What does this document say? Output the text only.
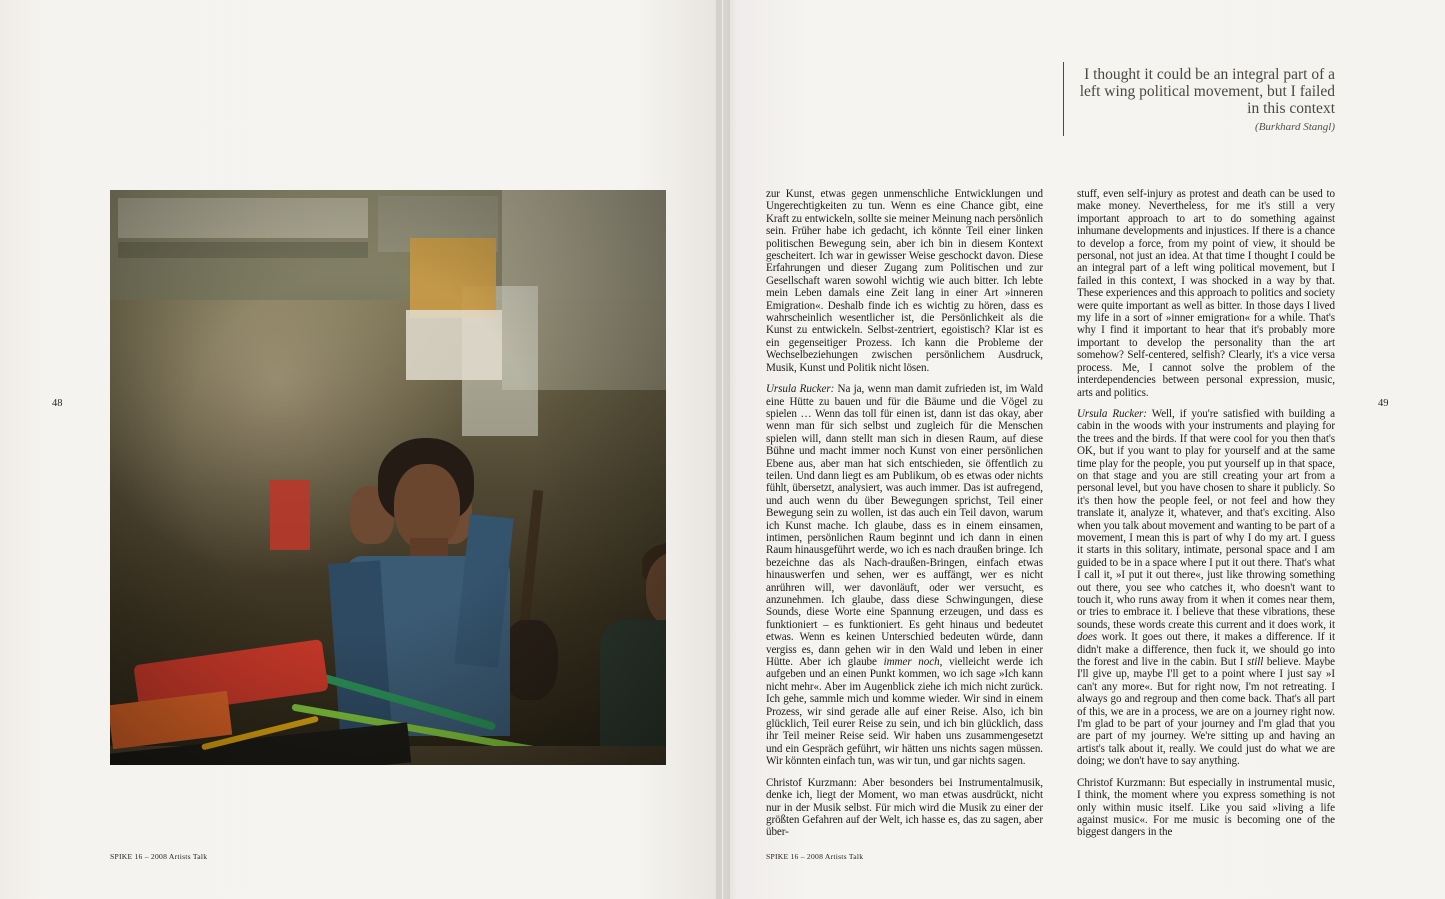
I thought it could be an integral part of a left wing political movement, but I failed in this context
(Burkhard Stangl)

zur Kunst, etwas gegen unmenschliche Entwicklungen und Ungerechtigkeiten zu tun. Wenn es eine Chance gibt, eine Kraft zu entwickeln, sollte sie meiner Meinung nach persönlich sein. Früher habe ich gedacht, ich könnte Teil einer linken politischen Bewegung sein, aber ich bin in diesem Kontext gescheitert. Ich war in gewisser Weise geschockt davon. Diese Erfahrungen und dieser Zugang zum Politischen und zur Gesellschaft waren sowohl wichtig wie auch bitter. Ich lebte mein Leben damals eine Zeit lang in einer Art »inneren Emigration«. Deshalb finde ich es wichtig zu hören, dass es wahrscheinlich wesentlicher ist, die Persönlichkeit als die Kunst zu entwickeln. Selbst-zentriert, egoistisch? Klar ist es ein gegenseitiger Prozess. Ich kann die Probleme der Wechselbeziehungen zwischen persönlichem Ausdruck, Musik, Kunst und Politik nicht lösen.

Ursula Rucker: Na ja, wenn man damit zufrieden ist, im Wald eine Hütte zu bauen und für die Bäume und die Vögel zu spielen … Wenn das toll für einen ist, dann ist das okay, aber wenn man für sich selbst und zugleich für die Menschen spielen will, dann stellt man sich in diesen Raum, auf diese Bühne und macht immer noch Kunst von einer persönlichen Ebene aus, aber man hat sich entschieden, sie öffentlich zu teilen. Und dann liegt es am Publikum, ob es etwas oder nichts fühlt, übersetzt, analysiert, was auch immer. Das ist aufregend, und auch wenn du über Bewegungen sprichst, Teil einer Bewegung sein zu wollen, ist das auch ein Teil davon, warum ich Kunst mache. Ich glaube, dass es in einem einsamen, intimen, persönlichen Raum beginnt und ich dann in einen Raum hinausgeführt werde, wo ich es nach draußen bringe. Ich bezeichne das als Nach-draußen-Bringen, einfach etwas hinauswerfen und sehen, wer es auffängt, wer es nicht anrühren will, wer davonläuft, oder wer versucht, es anzunehmen. Ich glaube, dass diese Schwingungen, diese Sounds, diese Worte eine Spannung erzeugen, und dass es funktioniert – es funktioniert. Es geht hinaus und bedeutet etwas. Wenn es keinen Unterschied bedeuten würde, dann vergiss es, dann gehen wir in den Wald und leben in einer Hütte. Aber ich glaube immer noch, vielleicht werde ich aufgeben und an einen Punkt kommen, wo ich sage »Ich kann nicht mehr«. Aber im Augenblick ziehe ich mich nicht zurück. Ich gehe, sammle mich und komme wieder. Wir sind in einem Prozess, wir sind gerade alle auf einer Reise. Also, ich bin glücklich, Teil eurer Reise zu sein, und ich bin glücklich, dass ihr Teil meiner Reise seid. Wir haben uns zusammengesetzt und ein Gespräch geführt, wir hätten uns nichts sagen müssen. Wir könnten einfach tun, was wir tun, und gar nichts sagen.

Christof Kurzmann: Aber besonders bei Instrumentalmusik, denke ich, liegt der Moment, wo man etwas ausdrückt, nicht nur in der Musik selbst. Für mich wird die Musik zu einer der größten Gefahren auf der Welt, ich hasse es, das zu sagen, aber über-

stuff, even self-injury as protest and death can be used to make money. Nevertheless, for me it's still a very important approach to art to do something against inhumane developments and injustices. If there is a chance to develop a force, from my point of view, it should be personal, not just an idea. At that time I thought I could be an integral part of a left wing political movement, but I failed in this context, I was shocked in a way by that. These experiences and this approach to politics and society were quite important as well as bitter. In those days I lived my life in a sort of »inner emigration« for a while. That's why I find it important to hear that it's probably more important to develop the personality than the art somehow? Self-centered, selfish? Clearly, it's a vice versa process. Me, I cannot solve the problem of the interdependencies between personal expression, music, arts and politics.

Ursula Rucker: Well, if you're satisfied with building a cabin in the woods with your instruments and playing for the trees and the birds. If that were cool for you then that's OK, but if you want to play for yourself and at the same time play for the people, you put yourself up in that space, on that stage and you are still creating your art from a personal level, but you have chosen to share it publicly. So it's then how the people feel, or not feel and how they translate it, analyze it, whatever, and that's exciting. Also when you talk about movement and wanting to be part of a movement, I mean this is part of why I do my art. I guess it starts in this solitary, intimate, personal space and I am guided to be in a space where I put it out there. That's what I call it, »I put it out there«, just like throwing something out there, you see who catches it, who doesn't want to touch it, who runs away from it when it comes near them, or tries to embrace it. I believe that these vibrations, these sounds, these words create this current and it does work, it does work. It goes out there, it makes a difference. If it didn't make a difference, then fuck it, we should go into the forest and live in the cabin. But I still believe. Maybe I'll give up, maybe I'll get to a point where I just say »I can't any more«. But for right now, I'm not retreating. I always go and regroup and then come back. That's all part of this, we are in a process, we are on a journey right now. I'm glad to be part of your journey and I'm glad that you are part of my journey. We're sitting up and having an artist's talk about it, really. We could just do what we are doing; we don't have to say anything.

Christof Kurzmann: But especially in instrumental music, I think, the moment where you express something is not only within music itself. Like you said »living a life against music«. For me music is becoming one of the biggest dangers in the

48	49
SPIKE 16 – 2008 Artists Talk	SPIKE 16 – 2008 Artists Talk
